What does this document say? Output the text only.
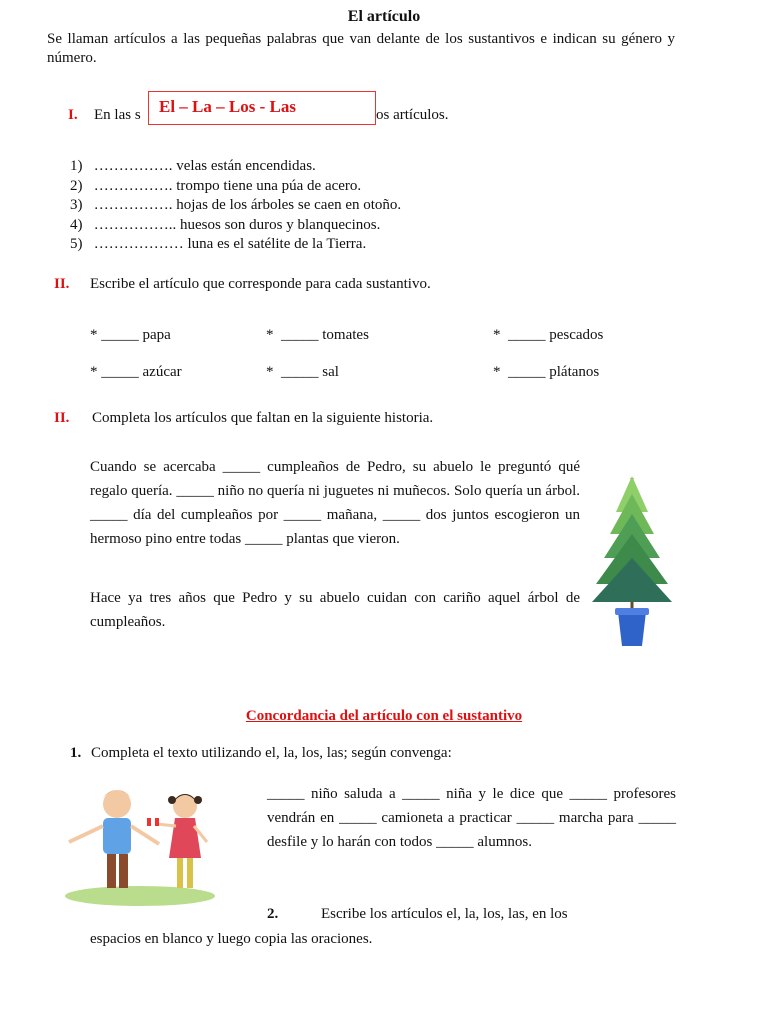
El artículo
Se llaman artículos a las pequeñas palabras que van delante de los sustantivos e indican su género y número.
I. En las s	os artículos.
El – La – Los - Las
1) ……………. velas están encendidas.
2) ……………. trompo tiene una púa de acero.
3) ……………. hojas de los árboles se caen en otoño.
4) …………….. huesos son duros y blanquecinos.
5) ……………… luna es el satélite de la Tierra.
II. Escribe el artículo que corresponde para cada sustantivo.
* _____ papa	*  _____ tomates	*  _____ pescados
* _____ azúcar	*  _____ sal	*  _____ plátanos
II. Completa los artículos que faltan en la siguiente historia.
Cuando se acercaba _____ cumpleaños de Pedro, su abuelo le preguntó qué regalo quería. _____ niño no quería ni juguetes ni muñecos. Solo quería un árbol. _____ día del cumpleaños por _____ mañana, _____ dos juntos escogieron un hermoso pino entre todas _____ plantas que vieron.
Hace ya tres años que Pedro y su abuelo cuidan con cariño aquel árbol de cumpleaños.
Concordancia del artículo con el sustantivo
1. Completa el texto utilizando el, la, los, las; según convenga:
_____ niño saluda a _____ niña y le dice que _____ profesores vendrán en _____ camioneta a practicar _____ marcha para _____ desfile y lo harán con todos _____ alumnos.
2.	Escribe los artículos el, la, los, las, en los
espacios en blanco y luego copia las oraciones.
